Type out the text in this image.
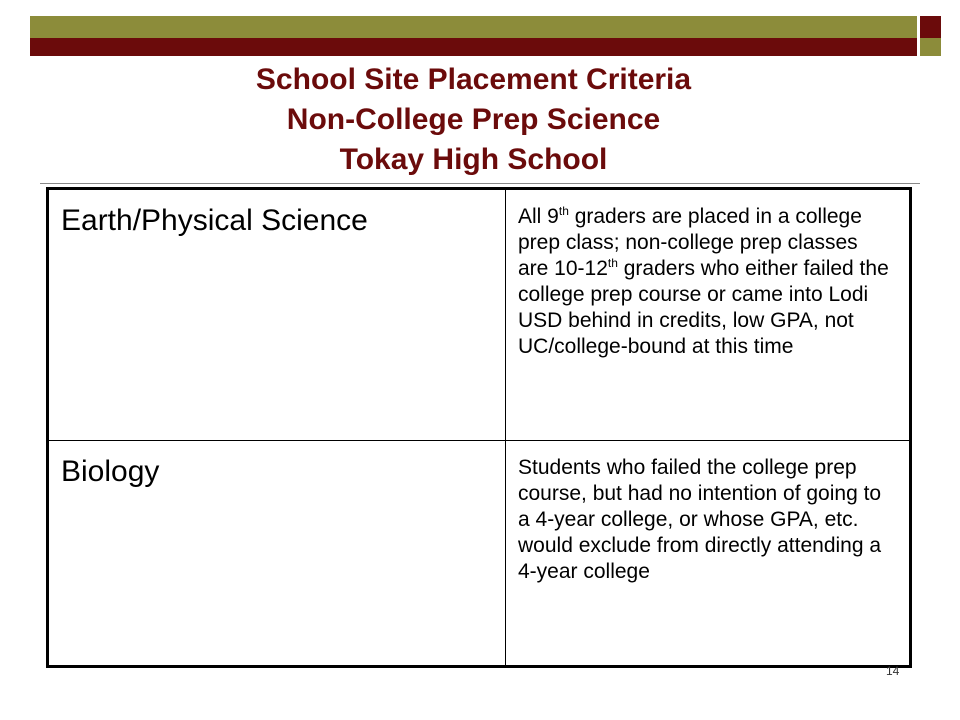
School Site Placement Criteria
Non-College Prep Science
Tokay High School
Earth/Physical Science	All 9th graders are placed in a college prep class; non-college prep classes are 10-12th graders who either failed the college prep course or came into Lodi USD behind in credits, low GPA, not UC/college-bound at this time
Biology	Students who failed the college prep course, but had no intention of going to a 4-year college, or whose GPA, etc. would exclude from directly attending a 4-year college
14
